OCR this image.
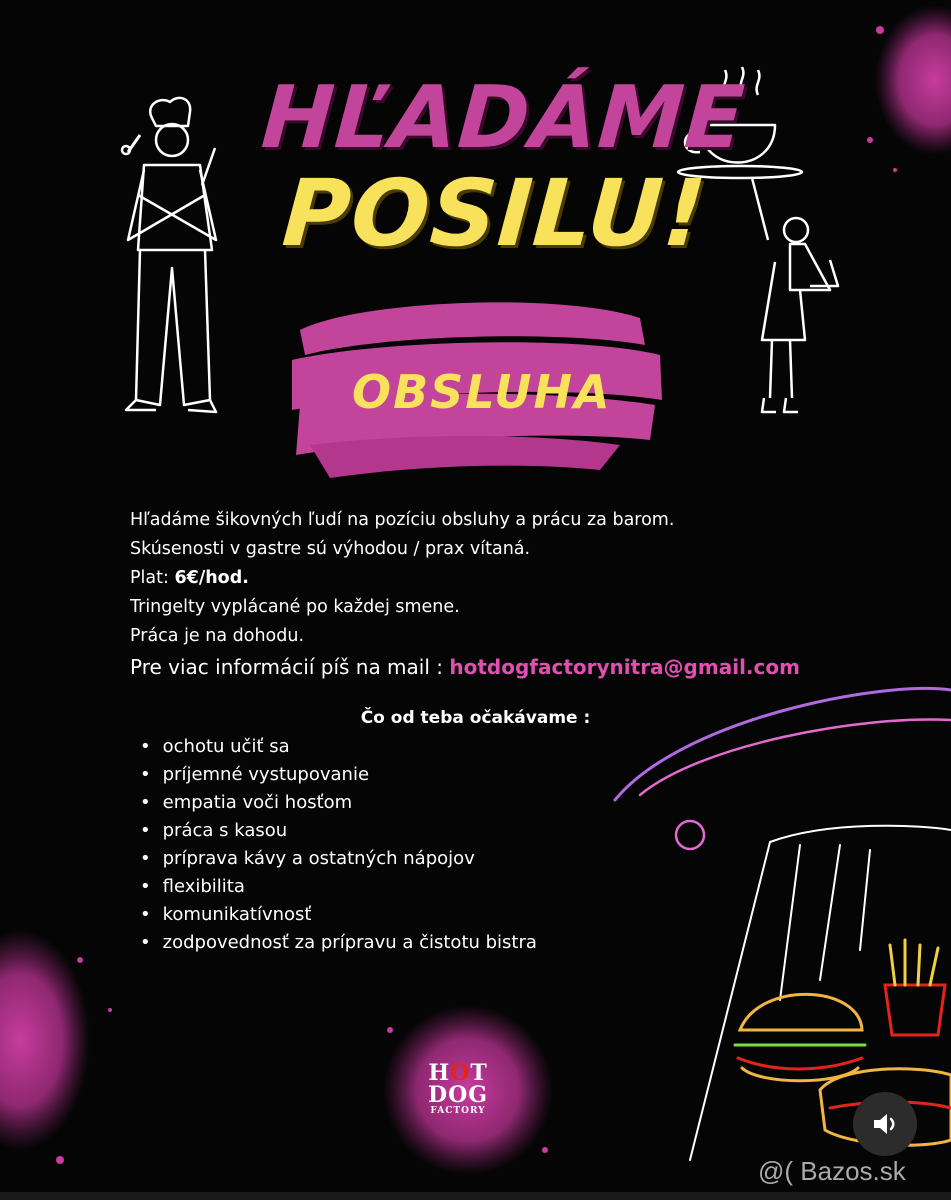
HĽADÁME
POSILU!
OBSLUHA
Hľadáme šikovných ľudí na pozíciu obsluhy a prácu za barom.
Skúsenosti v gastre sú výhodou / prax vítaná.
Plat: 6€/hod.
Tringelty vyplácané po každej smene.
Práca je na dohodu.
Pre viac informácií píš na mail : hotdogfactorynitra@gmail.com
Čo od teba očakávame :
• ochotu učiť sa
• príjemné vystupovanie
• empatia voči hosťom
• práca s kasou
• príprava kávy a ostatných nápojov
• flexibilita
• komunikatívnosť
• zodpovednosť za prípravu a čistotu bistra
HOT
DOG
FACTORY
@( Bazos.sk
